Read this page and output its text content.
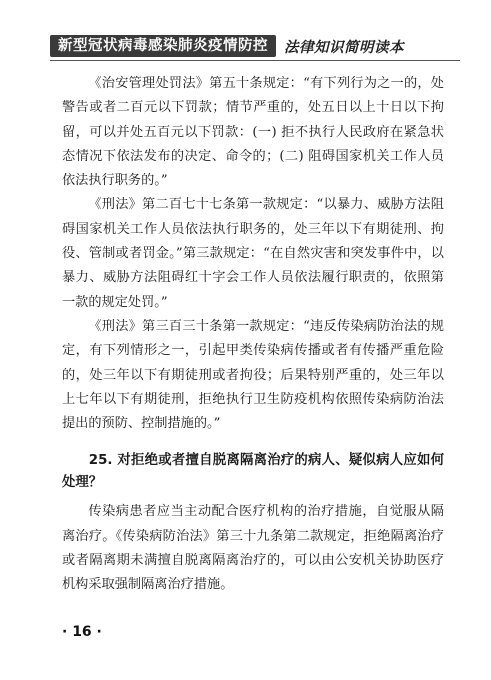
新型冠状病毒感染肺炎疫情防控	法律知识简明读本

《治安管理处罚法》第五十条规定：“有下列行为之一的，处警告或者二百元以下罚款；情节严重的，处五日以上十日以下拘留，可以并处五百元以下罚款：(一) 拒不执行人民政府在紧急状态情况下依法发布的决定、命令的；(二) 阻碍国家机关工作人员依法执行职务的。”

《刑法》第二百七十七条第一款规定：“以暴力、威胁方法阻碍国家机关工作人员依法执行职务的，处三年以下有期徒刑、拘役、管制或者罚金。”第三款规定：“在自然灾害和突发事件中，以暴力、威胁方法阻碍红十字会工作人员依法履行职责的，依照第一款的规定处罚。”

《刑法》第三百三十条第一款规定：“违反传染病防治法的规定，有下列情形之一，引起甲类传染病传播或者有传播严重危险的，处三年以下有期徒刑或者拘役；后果特别严重的，处三年以上七年以下有期徒刑，拒绝执行卫生防疫机构依照传染病防治法提出的预防、控制措施的。”

25. 对拒绝或者擅自脱离隔离治疗的病人、疑似病人应如何处理？

传染病患者应当主动配合医疗机构的治疗措施，自觉服从隔离治疗。《传染病防治法》第三十九条第二款规定，拒绝隔离治疗或者隔离期未满擅自脱离隔离治疗的，可以由公安机关协助医疗机构采取强制隔离治疗措施。

· 16 ·
